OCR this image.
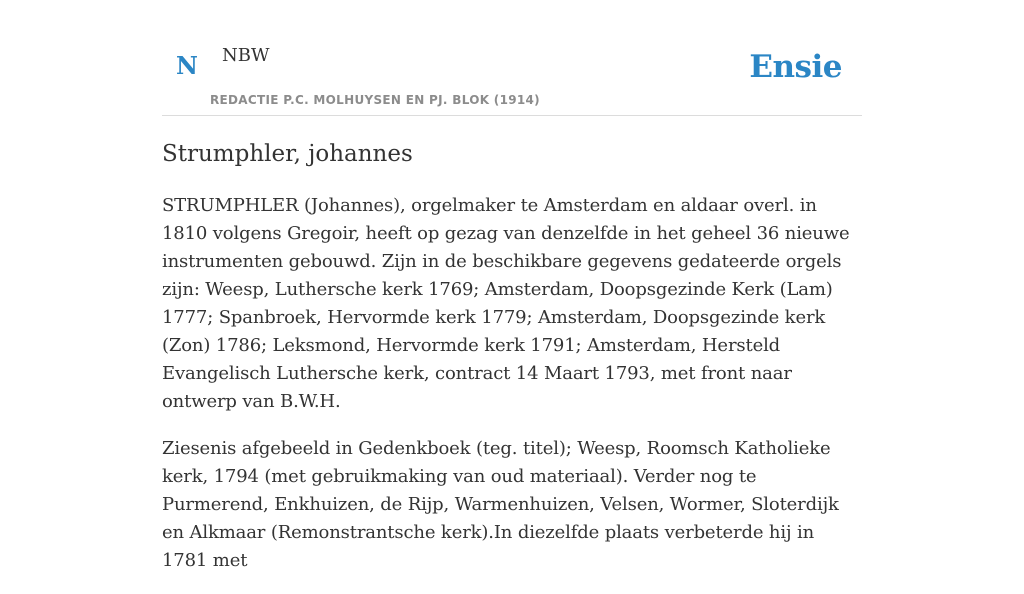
N NBW
REDACTIE P.C. MOLHUYSEN EN PJ. BLOK (1914)
Ensie
Strumphler, johannes

STRUMPHLER (Johannes), orgelmaker te Amsterdam en aldaar overl. in 1810 volgens Gregoir, heeft op gezag van denzelfde in het geheel 36 nieuwe instrumenten gebouwd. Zijn in de beschikbare gegevens gedateerde orgels zijn: Weesp, Luthersche kerk 1769; Amsterdam, Doopsgezinde Kerk (Lam) 1777; Spanbroek, Hervormde kerk 1779; Amsterdam, Doopsgezinde kerk (Zon) 1786; Leksmond, Hervormde kerk 1791; Amsterdam, Hersteld Evangelisch Luthersche kerk, contract 14 Maart 1793, met front naar ontwerp van B.W.H.

Ziesenis afgebeeld in Gedenkboek (teg. titel); Weesp, Roomsch Katholieke kerk, 1794 (met gebruikmaking van oud materiaal). Verder nog te Purmerend, Enkhuizen, de Rijp, Warmenhuizen, Velsen, Wormer, Sloterdijk en Alkmaar (Remonstrantsche kerk).In diezelfde plaats verbeterde hij in 1781 met
